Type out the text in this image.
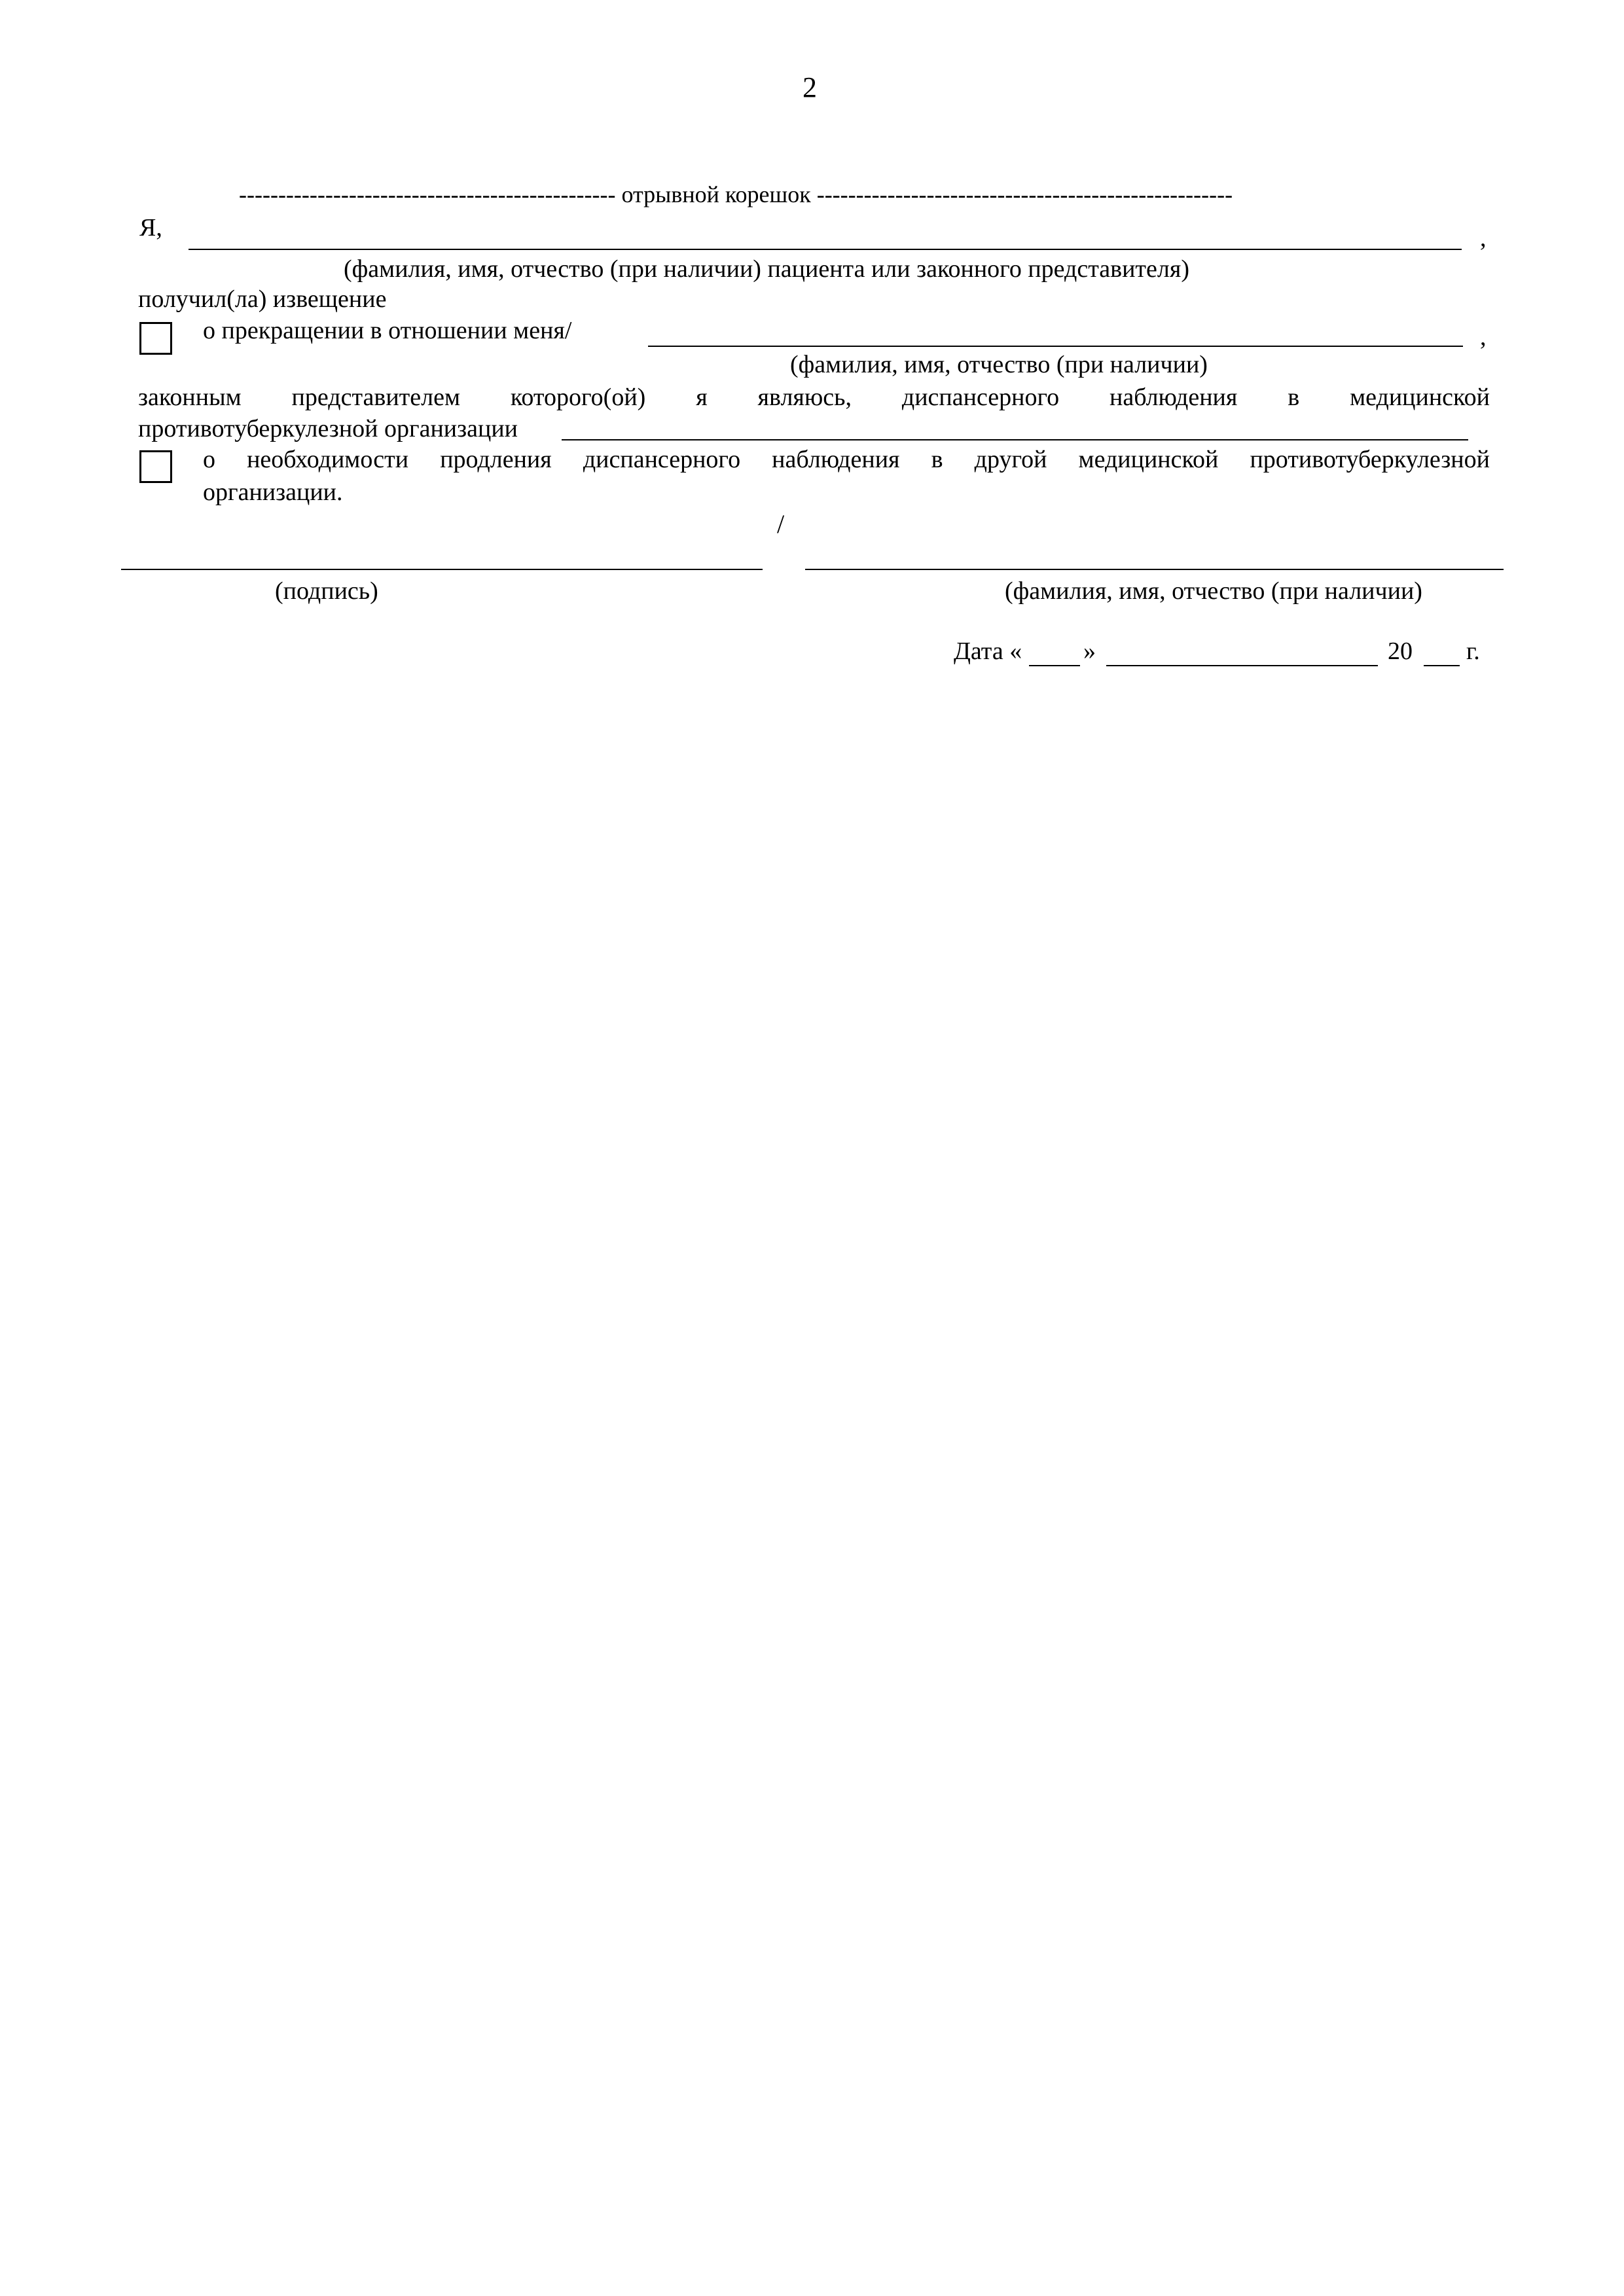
2
------------------------------------------------ отрывной корешок -----------------------------------------------------
Я,	,
(фамилия, имя, отчество (при наличии) пациента или законного представителя)
получил(ла) извещение
о прекращении в отношении меня/	,
(фамилия, имя, отчество (при наличии)
законным представителем которого(ой) я являюсь, диспансерного наблюдения в медицинской
противотуберкулезной организации
о необходимости продления диспансерного наблюдения в другой медицинской противотуберкулезной
организации.
/
(подпись)	(фамилия, имя, отчество (при наличии)
Дата « »	20 г.
